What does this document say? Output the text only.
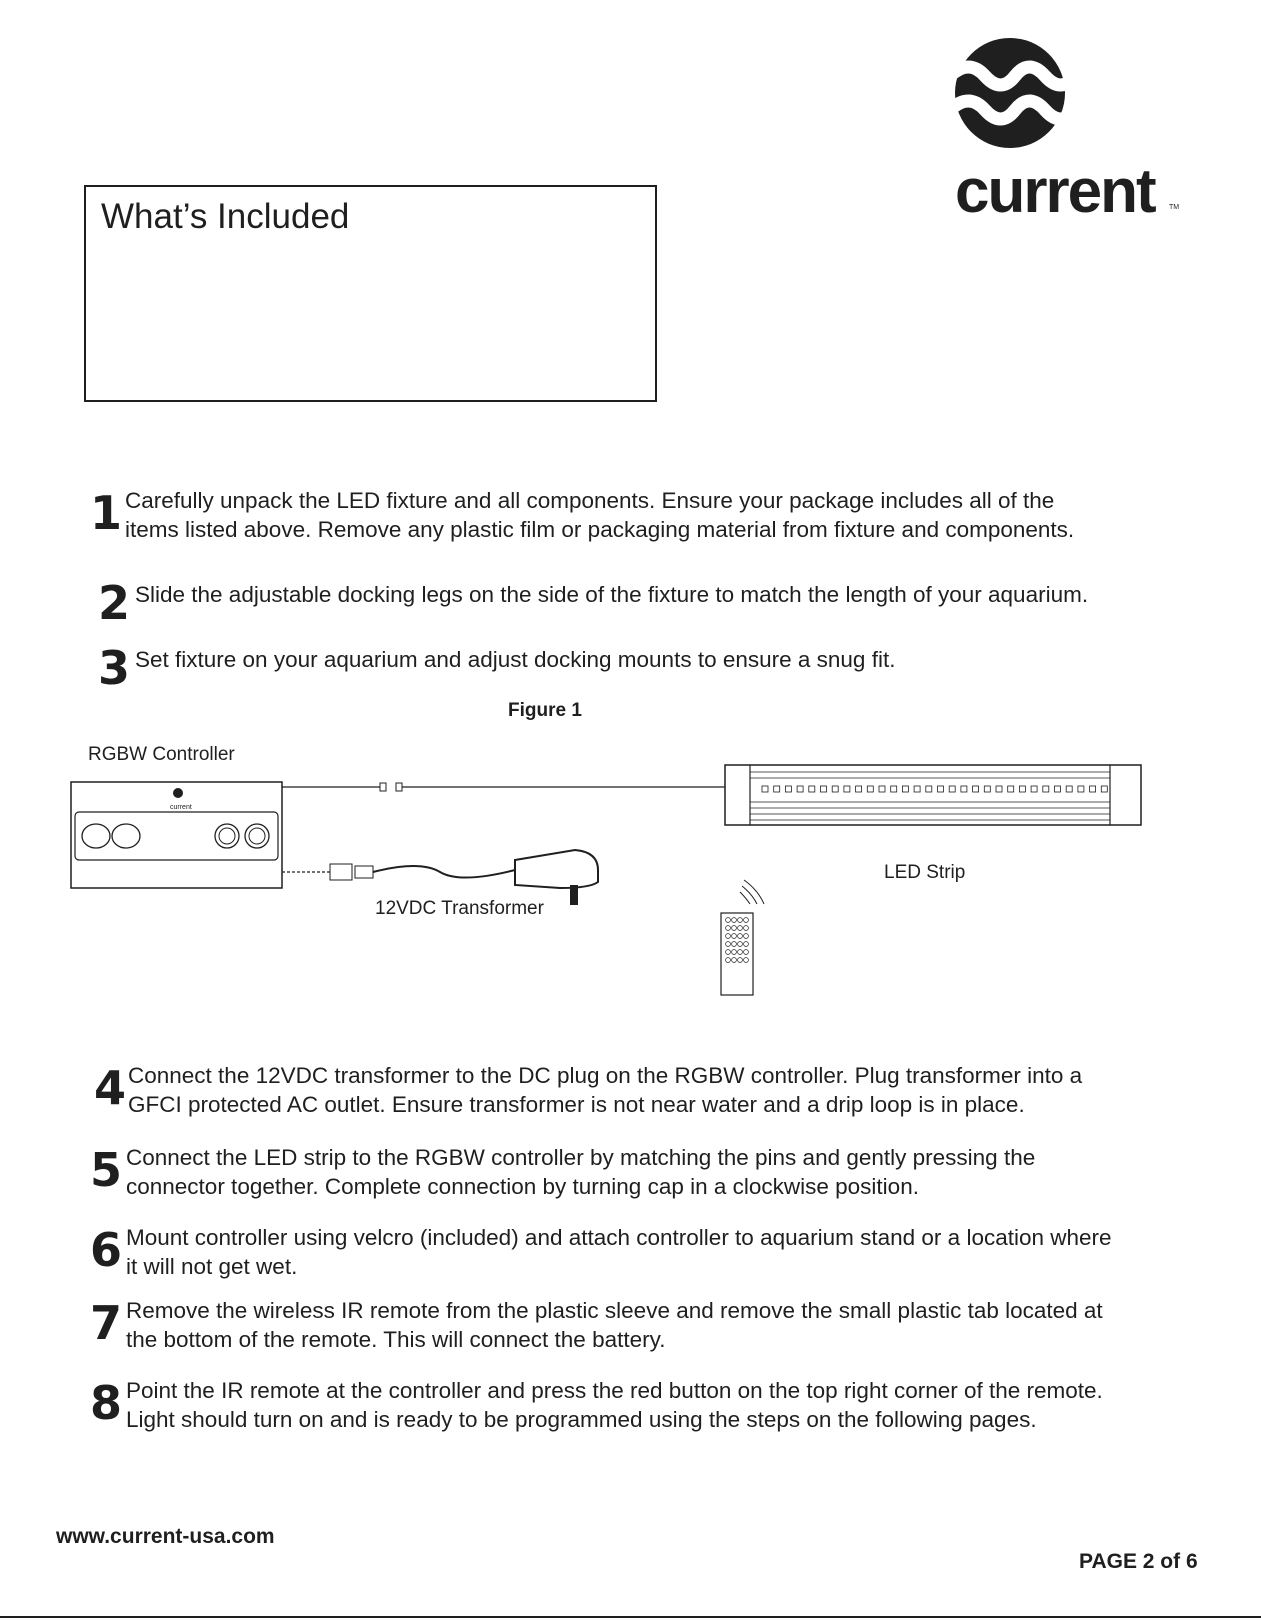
current TM
What’s Included
1 Carefully unpack the LED fixture and all components. Ensure your package includes all of the
items listed above. Remove any plastic film or packaging material from fixture and components.
2 Slide the adjustable docking legs on the side of the fixture to match the length of your aquarium.
3 Set fixture on your aquarium and adjust docking mounts to ensure a snug fit.
Figure 1
RGBW Controller
12VDC Transformer
LED Strip
current
4 Connect the 12VDC transformer to the DC plug on the RGBW controller. Plug transformer into a
GFCI protected AC outlet. Ensure transformer is not near water and a drip loop is in place.
5 Connect the LED strip to the RGBW controller by matching the pins and gently pressing the
connector together. Complete connection by turning cap in a clockwise position.
6 Mount controller using velcro (included) and attach controller to aquarium stand or a location where
it will not get wet.
7 Remove the wireless IR remote from the plastic sleeve and remove the small plastic tab located at
the bottom of the remote. This will connect the battery.
8 Point the IR remote at the controller and press the red button on the top right corner of the remote.
Light should turn on and is ready to be programmed using the steps on the following pages.
www.current-usa.com
PAGE 2 of 6
